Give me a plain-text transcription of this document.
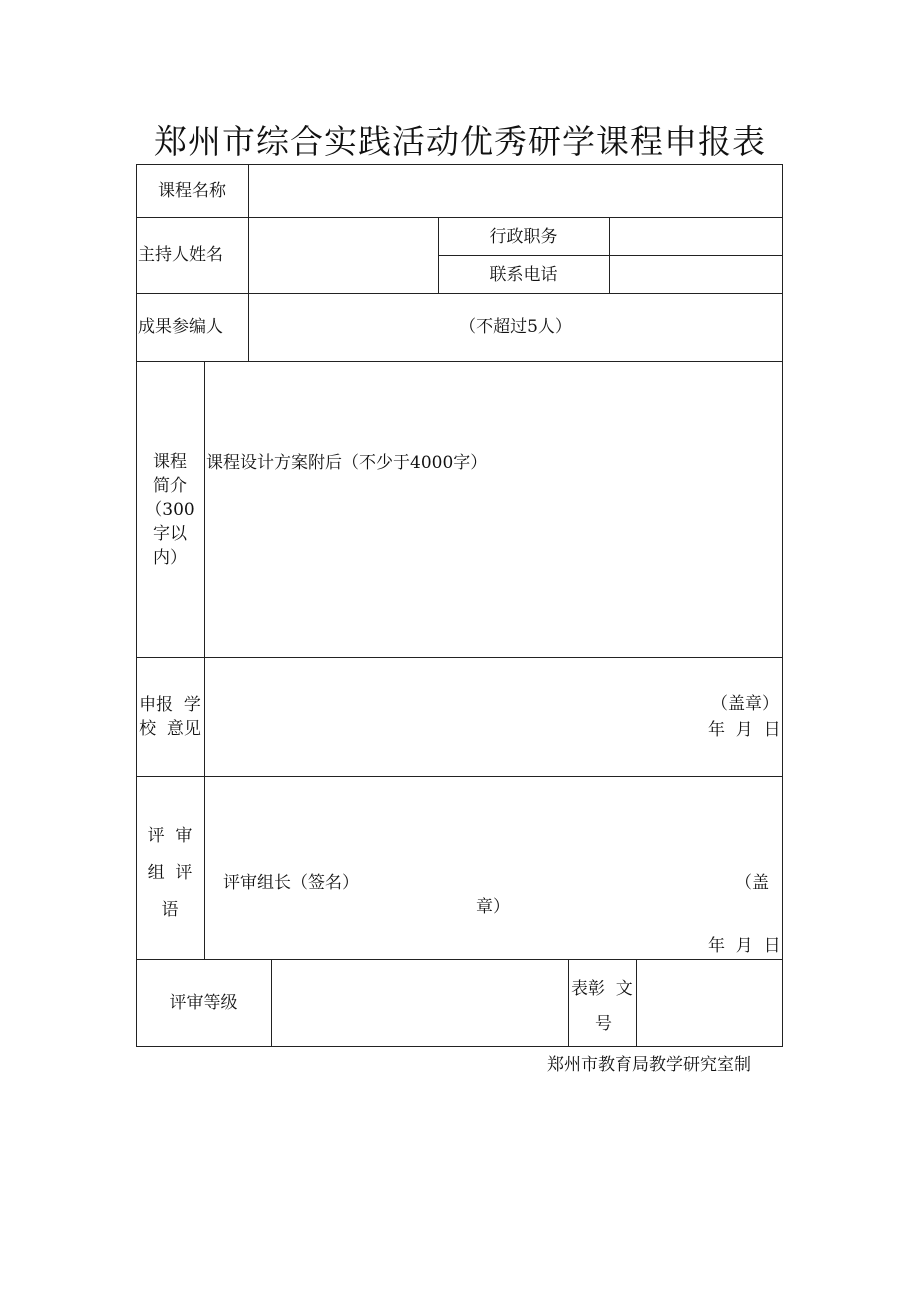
郑州市综合实践活动优秀研学课程申报表
课程名称
主持人姓名
行政职务
联系电话
成果参编人	（不超过5人）
课程
简介
（300
字以
内）
课程设计方案附后（不少于4000字）
申报  学
校  意见
（盖章）
年  月  日
评  审
组  评
语
评审组长（签名）	（盖
章）
年  月  日
评审等级
表彰  文
号
郑州市教育局教学研究室制
